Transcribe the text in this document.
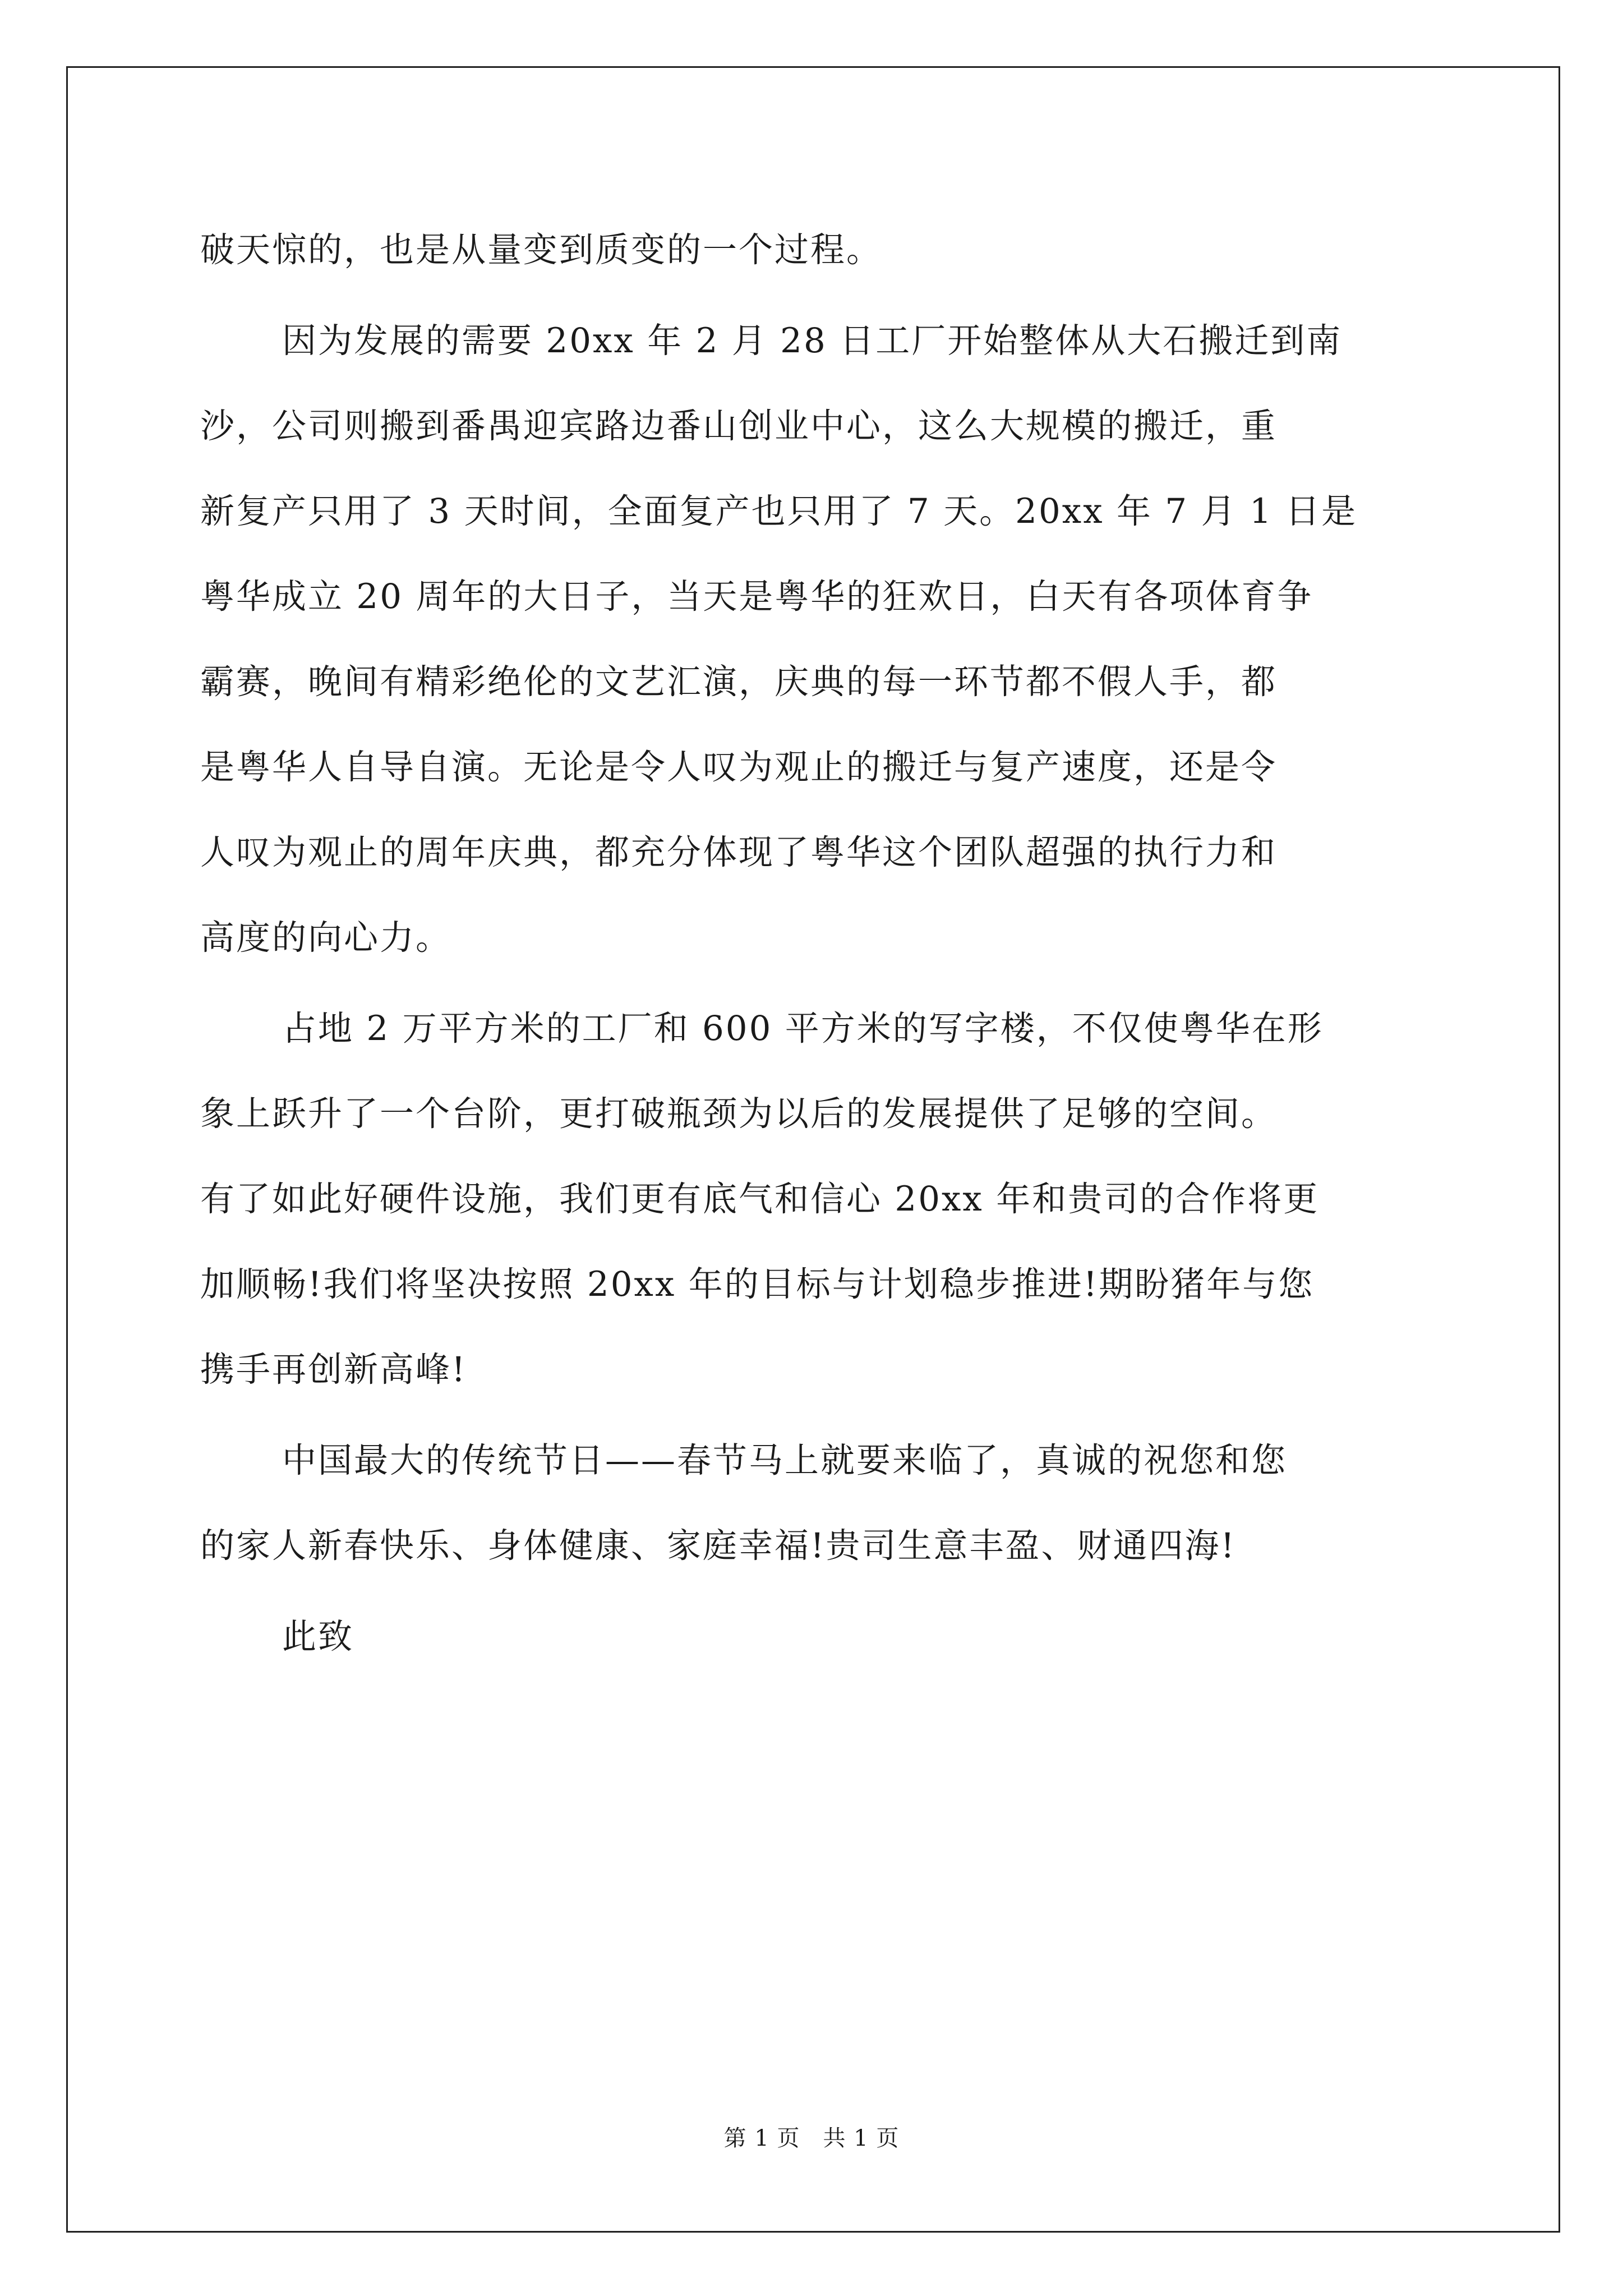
破天惊的，也是从量变到质变的一个过程。
因为发展的需要 20xx 年 2 月 28 日工厂开始整体从大石搬迁到南
沙，公司则搬到番禺迎宾路边番山创业中心，这么大规模的搬迁，重
新复产只用了 3 天时间，全面复产也只用了 7 天。20xx 年 7 月 1 日是
粤华成立 20 周年的大日子，当天是粤华的狂欢日，白天有各项体育争
霸赛，晚间有精彩绝伦的文艺汇演，庆典的每一环节都不假人手，都
是粤华人自导自演。无论是令人叹为观止的搬迁与复产速度，还是令
人叹为观止的周年庆典，都充分体现了粤华这个团队超强的执行力和
高度的向心力。
占地 2 万平方米的工厂和 600 平方米的写字楼，不仅使粤华在形
象上跃升了一个台阶，更打破瓶颈为以后的发展提供了足够的空间。
有了如此好硬件设施，我们更有底气和信心 20xx 年和贵司的合作将更
加顺畅!我们将坚决按照 20xx 年的目标与计划稳步推进!期盼猪年与您
携手再创新高峰!
中国最大的传统节日——春节马上就要来临了，真诚的祝您和您
的家人新春快乐、身体健康、家庭幸福!贵司生意丰盈、财通四海!
此致
第 1 页　共 1 页
